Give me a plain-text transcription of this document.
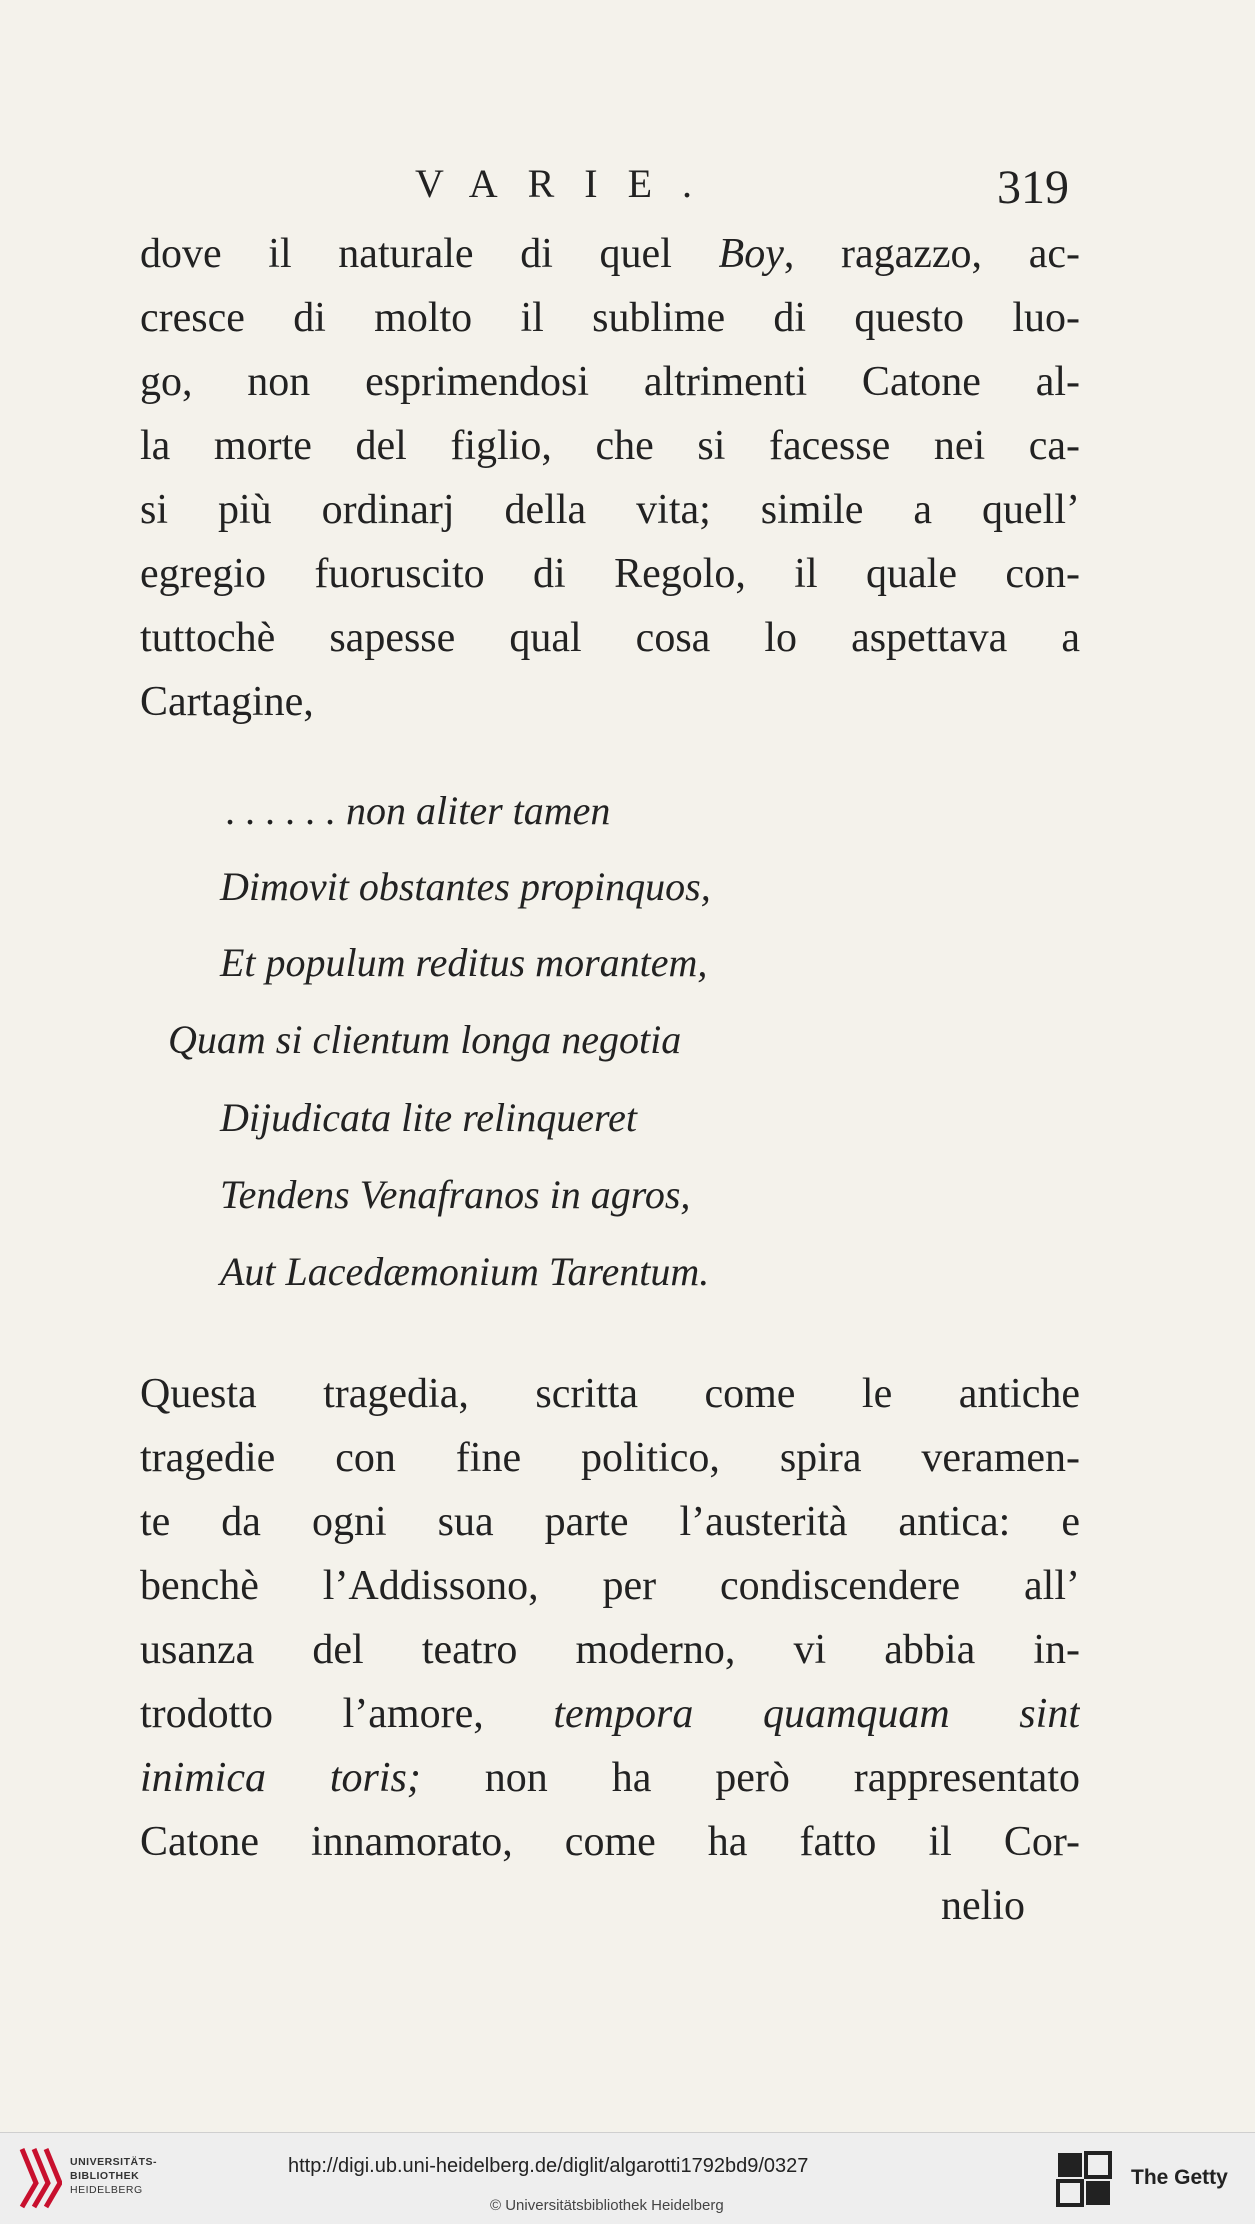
VARIE.	319
dove il naturale di quel Boy, ragazzo, ac-
cresce di molto il sublime di questo luo-
go, non esprimendosi altrimenti Catone al-
la morte del figlio, che si facesse nei ca-
si più ordinarj della vita; simile a quell’
egregio fuoruscito di Regolo, il quale con-
tuttochè sapesse qual cosa lo aspettava a
Cartagine,
. . . . . . non aliter tamen
Dimovit obstantes propinquos,
Et populum reditus morantem,
Quam si clientum longa negotia
Dijudicata lite relinqueret
Tendens Venafranos in agros,
Aut Lacedæmonium Tarentum.
Questa tragedia, scritta come le antiche
tragedie con fine politico, spira veramen-
te da ogni sua parte l’austerità antica: e
benchè l’Addissono, per condiscendere all’
usanza del teatro moderno, vi abbia in-
trodotto l’amore, tempora quamquam sint
inimica toris; non ha però rappresentato
Catone innamorato, come ha fatto il Cor-
nelio
UNIVERSITÄTS-
BIBLIOTHEK
HEIDELBERG
http://digi.ub.uni-heidelberg.de/diglit/algarotti1792bd9/0327
© Universitätsbibliothek Heidelberg
The Getty
